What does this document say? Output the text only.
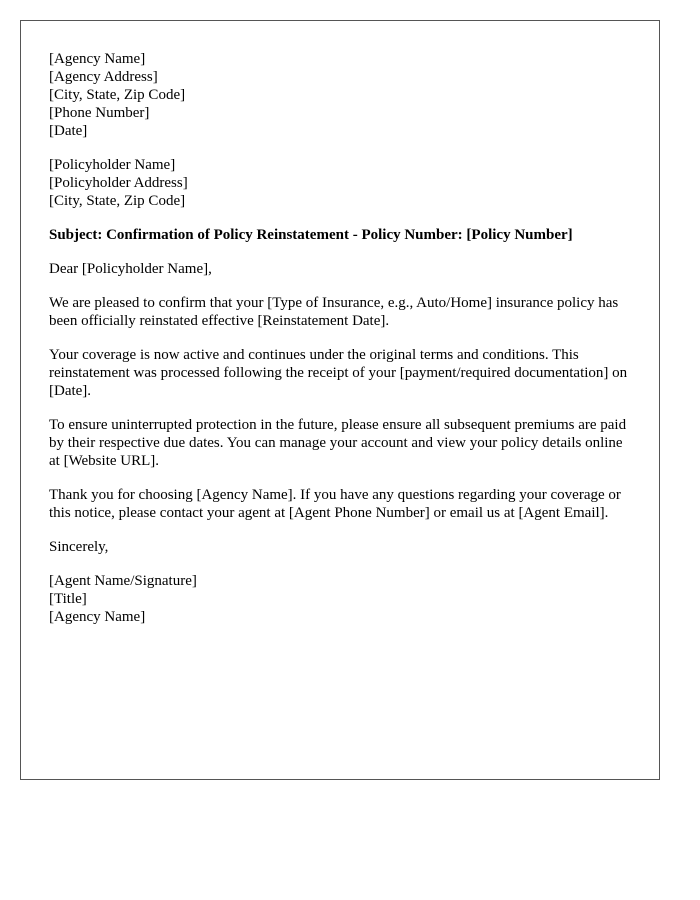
[Agency Name]
[Agency Address]
[City, State, Zip Code]
[Phone Number]
[Date]
[Policyholder Name]
[Policyholder Address]
[City, State, Zip Code]
Subject: Confirmation of Policy Reinstatement - Policy Number: [Policy Number]

Dear [Policyholder Name],

We are pleased to confirm that your [Type of Insurance, e.g., Auto/Home] insurance policy has been officially reinstated effective [Reinstatement Date].

Your coverage is now active and continues under the original terms and conditions. This reinstatement was processed following the receipt of your [payment/required documentation] on [Date].

To ensure uninterrupted protection in the future, please ensure all subsequent premiums are paid by their respective due dates. You can manage your account and view your policy details online at [Website URL].

Thank you for choosing [Agency Name]. If you have any questions regarding your coverage or this notice, please contact your agent at [Agent Phone Number] or email us at [Agent Email].

Sincerely,

[Agent Name/Signature]
[Title]
[Agency Name]
